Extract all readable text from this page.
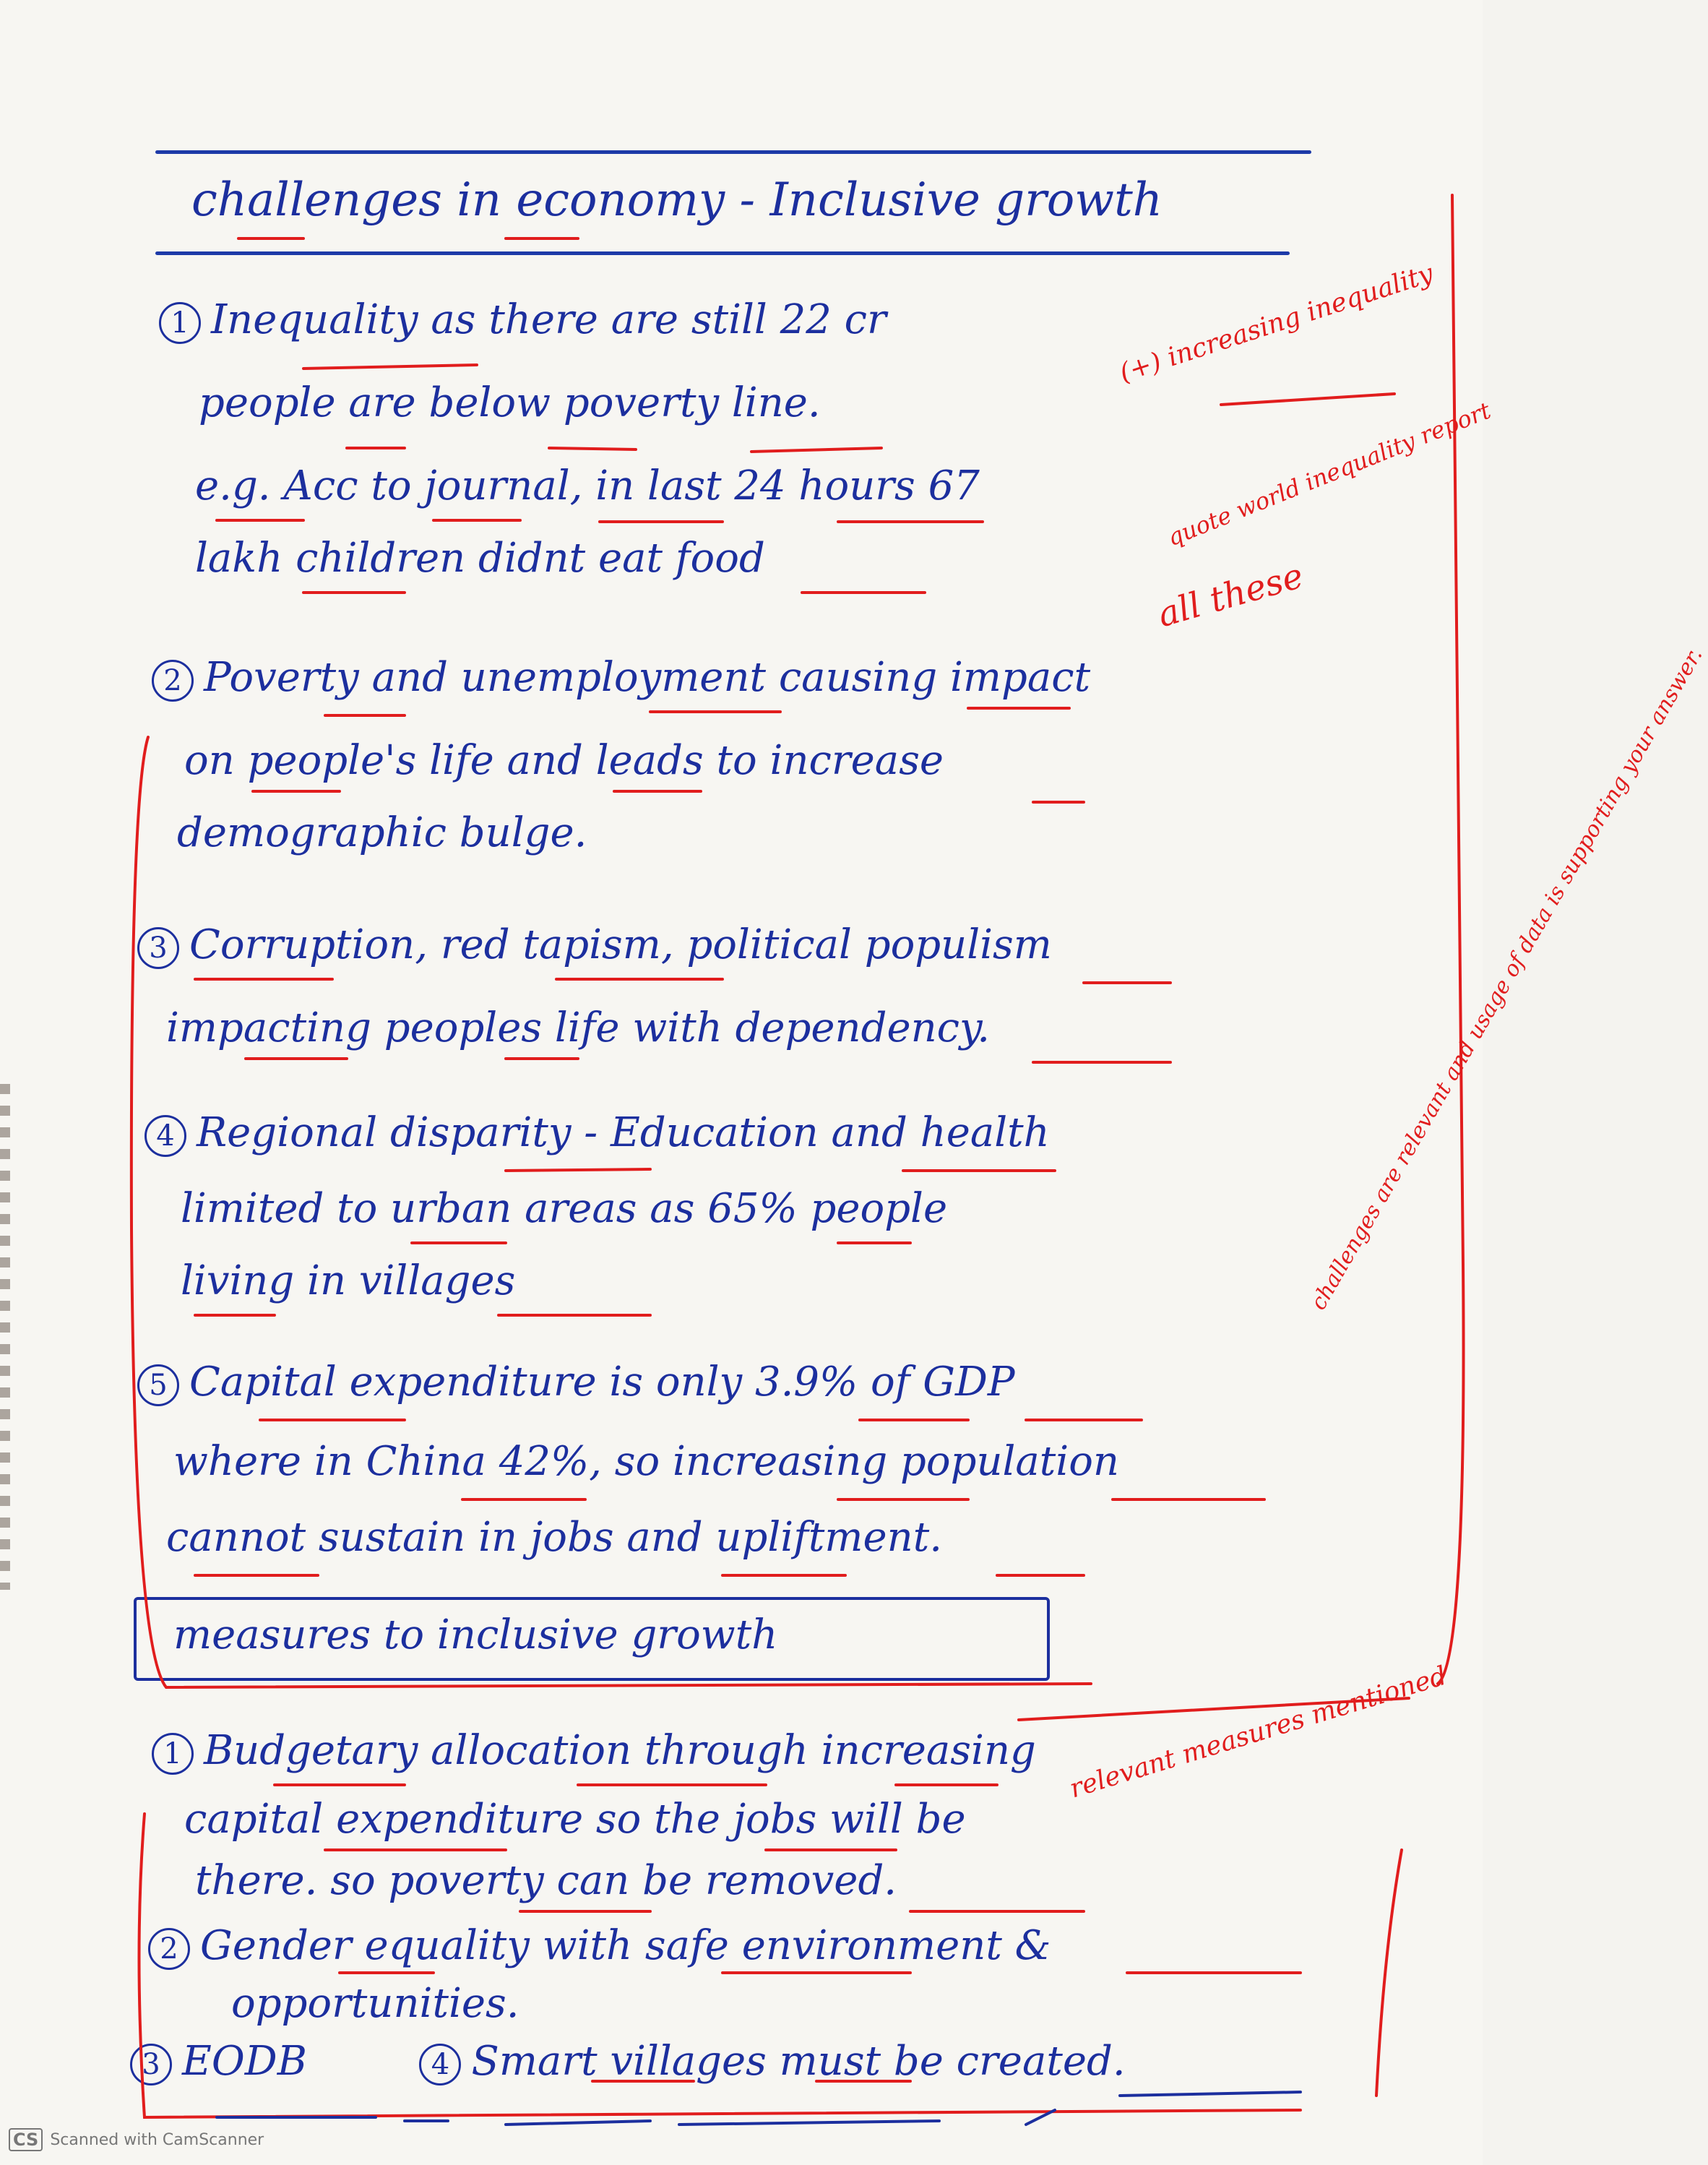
challenges in economy - Inclusive growth
1 Inequality as there are still 22 cr
people are below poverty line.
e.g. Acc to journal, in last 24 hours 67
lakh children didnt eat food
2 Poverty and unemployment causing impact
on people's life and leads to increase
demographic bulge.
3 Corruption, red tapism, political populism
impacting peoples life with dependency.
4 Regional disparity - Education and health
limited to urban areas as 65% people
living in villages
5 Capital expenditure is only 3.9% of GDP
where in China 42%, so increasing population
cannot sustain in jobs and upliftment.
measures to inclusive growth
1 Budgetary allocation through increasing
capital expenditure so the jobs will be
there. so poverty can be removed.
2 Gender equality with safe environment &
opportunities.
3 EODB	4 Smart villages must be created.
(+) increasing inequality
quote world inequality report
all these
challenges are relevant and usage of data is supporting your answer.
relevant measures mentioned
CS Scanned with CamScanner
